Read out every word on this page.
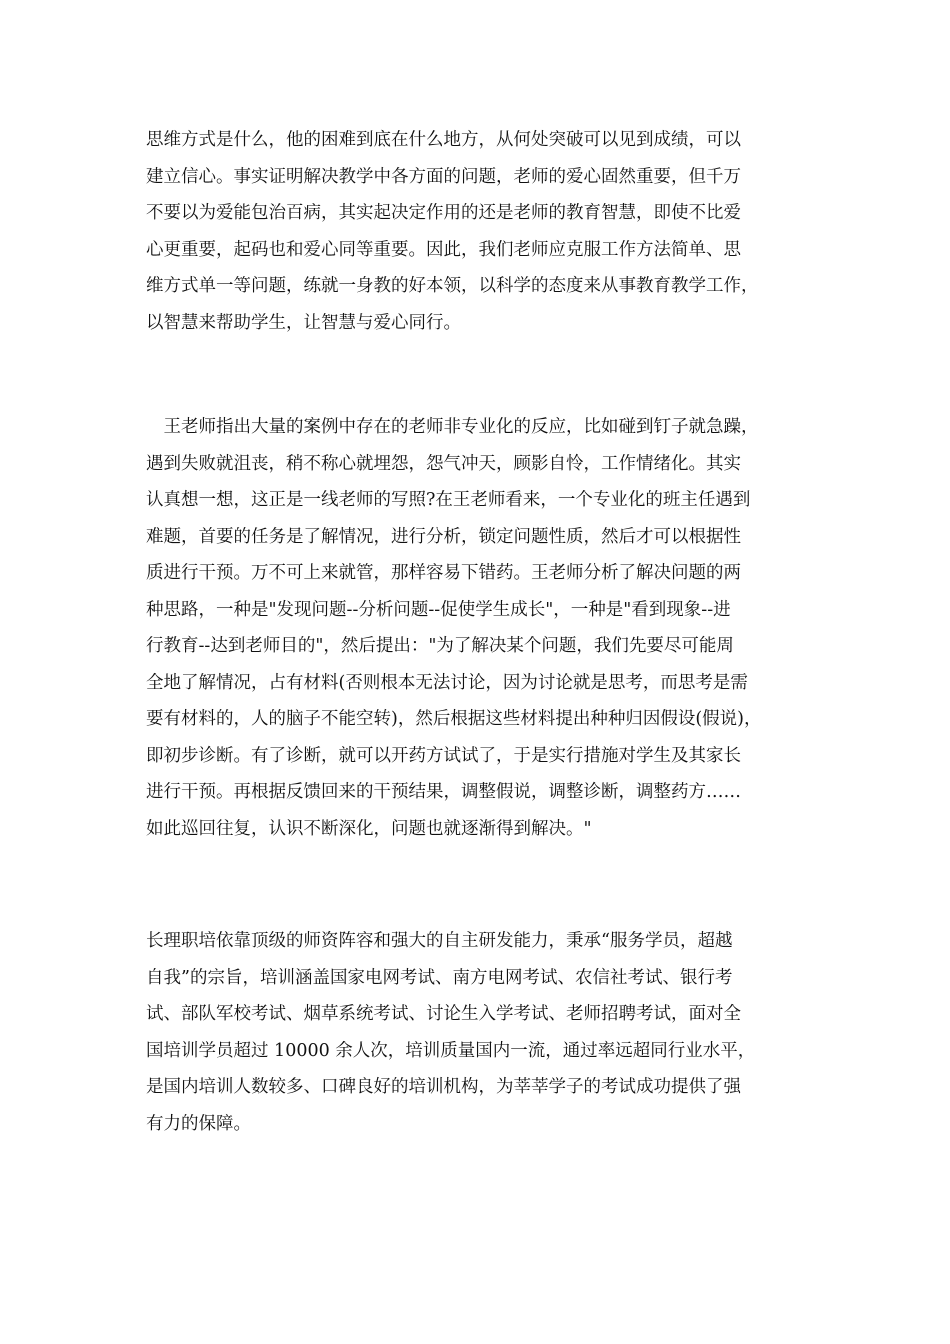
思维方式是什么，他的困难到底在什么地方，从何处突破可以见到成绩，可以
建立信心。事实证明解决教学中各方面的问题，老师的爱心固然重要，但千万
不要以为爱能包治百病，其实起决定作用的还是老师的教育智慧，即使不比爱
心更重要，起码也和爱心同等重要。因此，我们老师应克服工作方法简单、思
维方式单一等问题，练就一身教的好本领，以科学的态度来从事教育教学工作，
以智慧来帮助学生，让智慧与爱心同行。
　王老师指出大量的案例中存在的老师非专业化的反应，比如碰到钉子就急躁，
遇到失败就沮丧，稍不称心就埋怨，怨气冲天，顾影自怜，工作情绪化。其实
认真想一想，这正是一线老师的写照?在王老师看来，一个专业化的班主任遇到
难题，首要的任务是了解情况，进行分析，锁定问题性质，然后才可以根据性
质进行干预。万不可上来就管，那样容易下错药。王老师分析了解决问题的两
种思路，一种是"发现问题--分析问题--促使学生成长"，一种是"看到现象--进
行教育--达到老师目的"，然后提出："为了解决某个问题，我们先要尽可能周
全地了解情况，占有材料(否则根本无法讨论，因为讨论就是思考，而思考是需
要有材料的，人的脑子不能空转)，然后根据这些材料提出种种归因假设(假说)，
即初步诊断。有了诊断，就可以开药方试试了，于是实行措施对学生及其家长
进行干预。再根据反馈回来的干预结果，调整假说，调整诊断，调整药方……
如此巡回往复，认识不断深化，问题也就逐渐得到解决。"
长理职培依靠顶级的师资阵容和强大的自主研发能力，秉承“服务学员，超越
自我”的宗旨，培训涵盖国家电网考试、南方电网考试、农信社考试、银行考
试、部队军校考试、烟草系统考试、讨论生入学考试、老师招聘考试，面对全
国培训学员超过 10000 余人次，培训质量国内一流，通过率远超同行业水平，
是国内培训人数较多、口碑良好的培训机构，为莘莘学子的考试成功提供了强
有力的保障。
